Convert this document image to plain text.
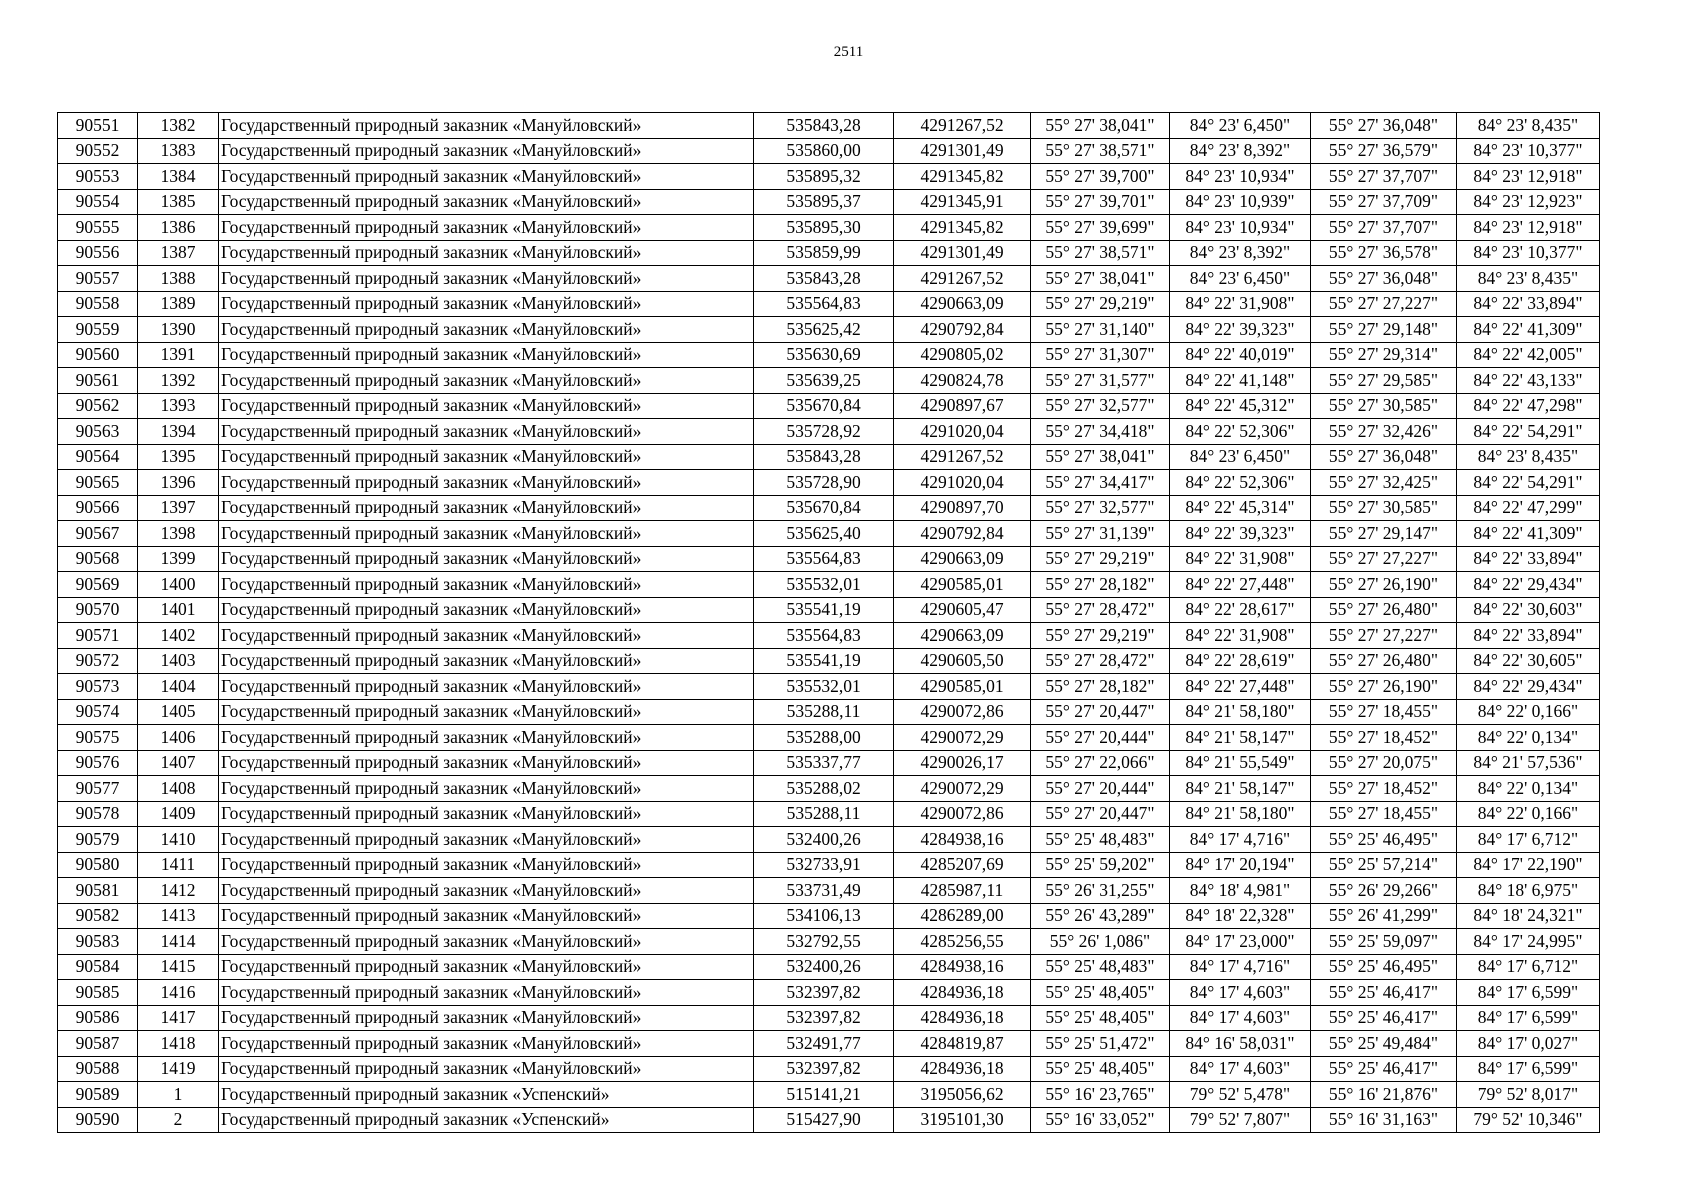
2511
90551	1382	Государственный природный заказник «Мануйловский»	535843,28	4291267,52	55° 27' 38,041"	84° 23' 6,450"	55° 27' 36,048"	84° 23' 8,435"
90552	1383	Государственный природный заказник «Мануйловский»	535860,00	4291301,49	55° 27' 38,571"	84° 23' 8,392"	55° 27' 36,579"	84° 23' 10,377"
90553	1384	Государственный природный заказник «Мануйловский»	535895,32	4291345,82	55° 27' 39,700"	84° 23' 10,934"	55° 27' 37,707"	84° 23' 12,918"
90554	1385	Государственный природный заказник «Мануйловский»	535895,37	4291345,91	55° 27' 39,701"	84° 23' 10,939"	55° 27' 37,709"	84° 23' 12,923"
90555	1386	Государственный природный заказник «Мануйловский»	535895,30	4291345,82	55° 27' 39,699"	84° 23' 10,934"	55° 27' 37,707"	84° 23' 12,918"
90556	1387	Государственный природный заказник «Мануйловский»	535859,99	4291301,49	55° 27' 38,571"	84° 23' 8,392"	55° 27' 36,578"	84° 23' 10,377"
90557	1388	Государственный природный заказник «Мануйловский»	535843,28	4291267,52	55° 27' 38,041"	84° 23' 6,450"	55° 27' 36,048"	84° 23' 8,435"
90558	1389	Государственный природный заказник «Мануйловский»	535564,83	4290663,09	55° 27' 29,219"	84° 22' 31,908"	55° 27' 27,227"	84° 22' 33,894"
90559	1390	Государственный природный заказник «Мануйловский»	535625,42	4290792,84	55° 27' 31,140"	84° 22' 39,323"	55° 27' 29,148"	84° 22' 41,309"
90560	1391	Государственный природный заказник «Мануйловский»	535630,69	4290805,02	55° 27' 31,307"	84° 22' 40,019"	55° 27' 29,314"	84° 22' 42,005"
90561	1392	Государственный природный заказник «Мануйловский»	535639,25	4290824,78	55° 27' 31,577"	84° 22' 41,148"	55° 27' 29,585"	84° 22' 43,133"
90562	1393	Государственный природный заказник «Мануйловский»	535670,84	4290897,67	55° 27' 32,577"	84° 22' 45,312"	55° 27' 30,585"	84° 22' 47,298"
90563	1394	Государственный природный заказник «Мануйловский»	535728,92	4291020,04	55° 27' 34,418"	84° 22' 52,306"	55° 27' 32,426"	84° 22' 54,291"
90564	1395	Государственный природный заказник «Мануйловский»	535843,28	4291267,52	55° 27' 38,041"	84° 23' 6,450"	55° 27' 36,048"	84° 23' 8,435"
90565	1396	Государственный природный заказник «Мануйловский»	535728,90	4291020,04	55° 27' 34,417"	84° 22' 52,306"	55° 27' 32,425"	84° 22' 54,291"
90566	1397	Государственный природный заказник «Мануйловский»	535670,84	4290897,70	55° 27' 32,577"	84° 22' 45,314"	55° 27' 30,585"	84° 22' 47,299"
90567	1398	Государственный природный заказник «Мануйловский»	535625,40	4290792,84	55° 27' 31,139"	84° 22' 39,323"	55° 27' 29,147"	84° 22' 41,309"
90568	1399	Государственный природный заказник «Мануйловский»	535564,83	4290663,09	55° 27' 29,219"	84° 22' 31,908"	55° 27' 27,227"	84° 22' 33,894"
90569	1400	Государственный природный заказник «Мануйловский»	535532,01	4290585,01	55° 27' 28,182"	84° 22' 27,448"	55° 27' 26,190"	84° 22' 29,434"
90570	1401	Государственный природный заказник «Мануйловский»	535541,19	4290605,47	55° 27' 28,472"	84° 22' 28,617"	55° 27' 26,480"	84° 22' 30,603"
90571	1402	Государственный природный заказник «Мануйловский»	535564,83	4290663,09	55° 27' 29,219"	84° 22' 31,908"	55° 27' 27,227"	84° 22' 33,894"
90572	1403	Государственный природный заказник «Мануйловский»	535541,19	4290605,50	55° 27' 28,472"	84° 22' 28,619"	55° 27' 26,480"	84° 22' 30,605"
90573	1404	Государственный природный заказник «Мануйловский»	535532,01	4290585,01	55° 27' 28,182"	84° 22' 27,448"	55° 27' 26,190"	84° 22' 29,434"
90574	1405	Государственный природный заказник «Мануйловский»	535288,11	4290072,86	55° 27' 20,447"	84° 21' 58,180"	55° 27' 18,455"	84° 22' 0,166"
90575	1406	Государственный природный заказник «Мануйловский»	535288,00	4290072,29	55° 27' 20,444"	84° 21' 58,147"	55° 27' 18,452"	84° 22' 0,134"
90576	1407	Государственный природный заказник «Мануйловский»	535337,77	4290026,17	55° 27' 22,066"	84° 21' 55,549"	55° 27' 20,075"	84° 21' 57,536"
90577	1408	Государственный природный заказник «Мануйловский»	535288,02	4290072,29	55° 27' 20,444"	84° 21' 58,147"	55° 27' 18,452"	84° 22' 0,134"
90578	1409	Государственный природный заказник «Мануйловский»	535288,11	4290072,86	55° 27' 20,447"	84° 21' 58,180"	55° 27' 18,455"	84° 22' 0,166"
90579	1410	Государственный природный заказник «Мануйловский»	532400,26	4284938,16	55° 25' 48,483"	84° 17' 4,716"	55° 25' 46,495"	84° 17' 6,712"
90580	1411	Государственный природный заказник «Мануйловский»	532733,91	4285207,69	55° 25' 59,202"	84° 17' 20,194"	55° 25' 57,214"	84° 17' 22,190"
90581	1412	Государственный природный заказник «Мануйловский»	533731,49	4285987,11	55° 26' 31,255"	84° 18' 4,981"	55° 26' 29,266"	84° 18' 6,975"
90582	1413	Государственный природный заказник «Мануйловский»	534106,13	4286289,00	55° 26' 43,289"	84° 18' 22,328"	55° 26' 41,299"	84° 18' 24,321"
90583	1414	Государственный природный заказник «Мануйловский»	532792,55	4285256,55	55° 26' 1,086"	84° 17' 23,000"	55° 25' 59,097"	84° 17' 24,995"
90584	1415	Государственный природный заказник «Мануйловский»	532400,26	4284938,16	55° 25' 48,483"	84° 17' 4,716"	55° 25' 46,495"	84° 17' 6,712"
90585	1416	Государственный природный заказник «Мануйловский»	532397,82	4284936,18	55° 25' 48,405"	84° 17' 4,603"	55° 25' 46,417"	84° 17' 6,599"
90586	1417	Государственный природный заказник «Мануйловский»	532397,82	4284936,18	55° 25' 48,405"	84° 17' 4,603"	55° 25' 46,417"	84° 17' 6,599"
90587	1418	Государственный природный заказник «Мануйловский»	532491,77	4284819,87	55° 25' 51,472"	84° 16' 58,031"	55° 25' 49,484"	84° 17' 0,027"
90588	1419	Государственный природный заказник «Мануйловский»	532397,82	4284936,18	55° 25' 48,405"	84° 17' 4,603"	55° 25' 46,417"	84° 17' 6,599"
90589	1	Государственный природный заказник «Успенский»	515141,21	3195056,62	55° 16' 23,765"	79° 52' 5,478"	55° 16' 21,876"	79° 52' 8,017"
90590	2	Государственный природный заказник «Успенский»	515427,90	3195101,30	55° 16' 33,052"	79° 52' 7,807"	55° 16' 31,163"	79° 52' 10,346"
